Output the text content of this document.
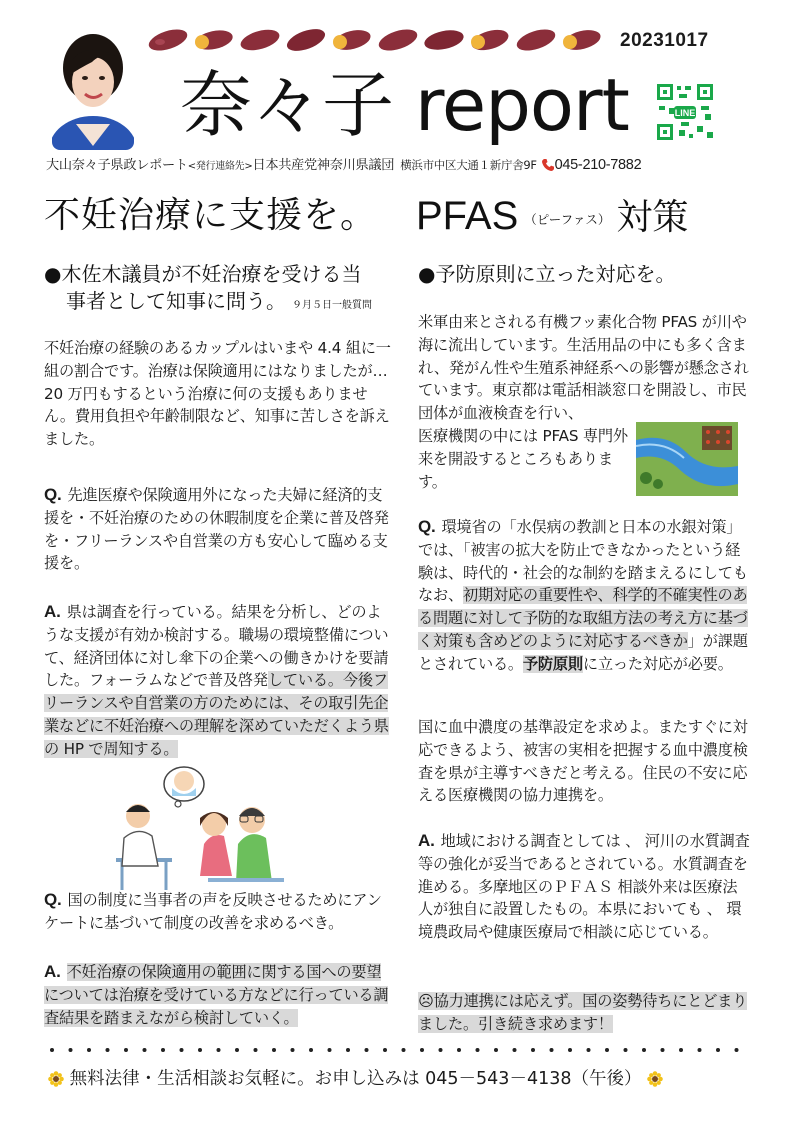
20231017
奈々子 report	LINE
大山奈々子県政レポート<発行連絡先>日本共産党神奈川県議団 横浜市中区大通１新庁舎9F 045-210-7882
不妊治療に支援を。
●木佐木議員が不妊治療を受ける当
事者として知事に問う。 ９月５日一般質問

不妊治療の経験のあるカップルはいまや 4.4 組に一組の割合です。治療は保険適用にはなりましたが…20 万円もするという治療に何の支援もありません。費用負担や年齢制限など、知事に苦しさを訴えました。

Q. 先進医療や保険適用外になった夫婦に経済的支援を・不妊治療のための休暇制度を企業に普及啓発を・フリーランスや自営業の方も安心して臨める支援を。

A. 県は調査を行っている。結果を分析し、どのような支援が有効か検討する。職場の環境整備について、経済団体に対し傘下の企業への働きかけを要請した。フォーラムなどで普及啓発している。今後フリーランスや自営業の方のためには、その取引先企業などに不妊治療への理解を深めていただくよう県の HP で周知する。

Q. 国の制度に当事者の声を反映させるためにアンケートに基づいて制度の改善を求めるべき。

A. 不妊治療の保険適用の範囲に関する国への要望については治療を受けている方などに行っている調査結果を踏まえながら検討していく。

PFAS （ピーファス） 対策
●予防原則に立った対応を。

米軍由来とされる有機フッ素化合物 PFAS が川や海に流出しています。生活用品の中にも多く含まれ、発がん性や生殖系神経系への影響が懸念されています。東京都は電話相談窓口を開設し、市民団体が血液検査を行い、

医療機関の中には PFAS 専門外来を開設するところもあります。

Q. 環境省の「水俣病の教訓と日本の水銀対策」では、「被害の拡大を防止できなかったという経験は、時代的・社会的な制約を踏まえるにしてもなお、初期対応の重要性や、科学的不確実性のある問題に対して予防的な取組方法の考え方に基づく対策も含めどのように対応するべきか」が課題とされている。予防原則に立った対応が必要。

国に血中濃度の基準設定を求めよ。またすぐに対応できるよう、被害の実相を把握する血中濃度検査を県が主導すべきだと考える。住民の不安に応える医療機関の協力連携を。

A. 地域における調査としては 、 河川の水質調査等の強化が妥当であるとされている。水質調査を進める。多摩地区のＰＦＡＳ 相談外来は医療法人が独自に設置したもの。本県においても 、 環境農政局や健康医療局で相談に応じている。

☹協力連携には応えず。国の姿勢待ちにとどまりました。引き続き求めます！

無料法律・生活相談お気軽に。お申し込みは 045－543－4138（午後）
